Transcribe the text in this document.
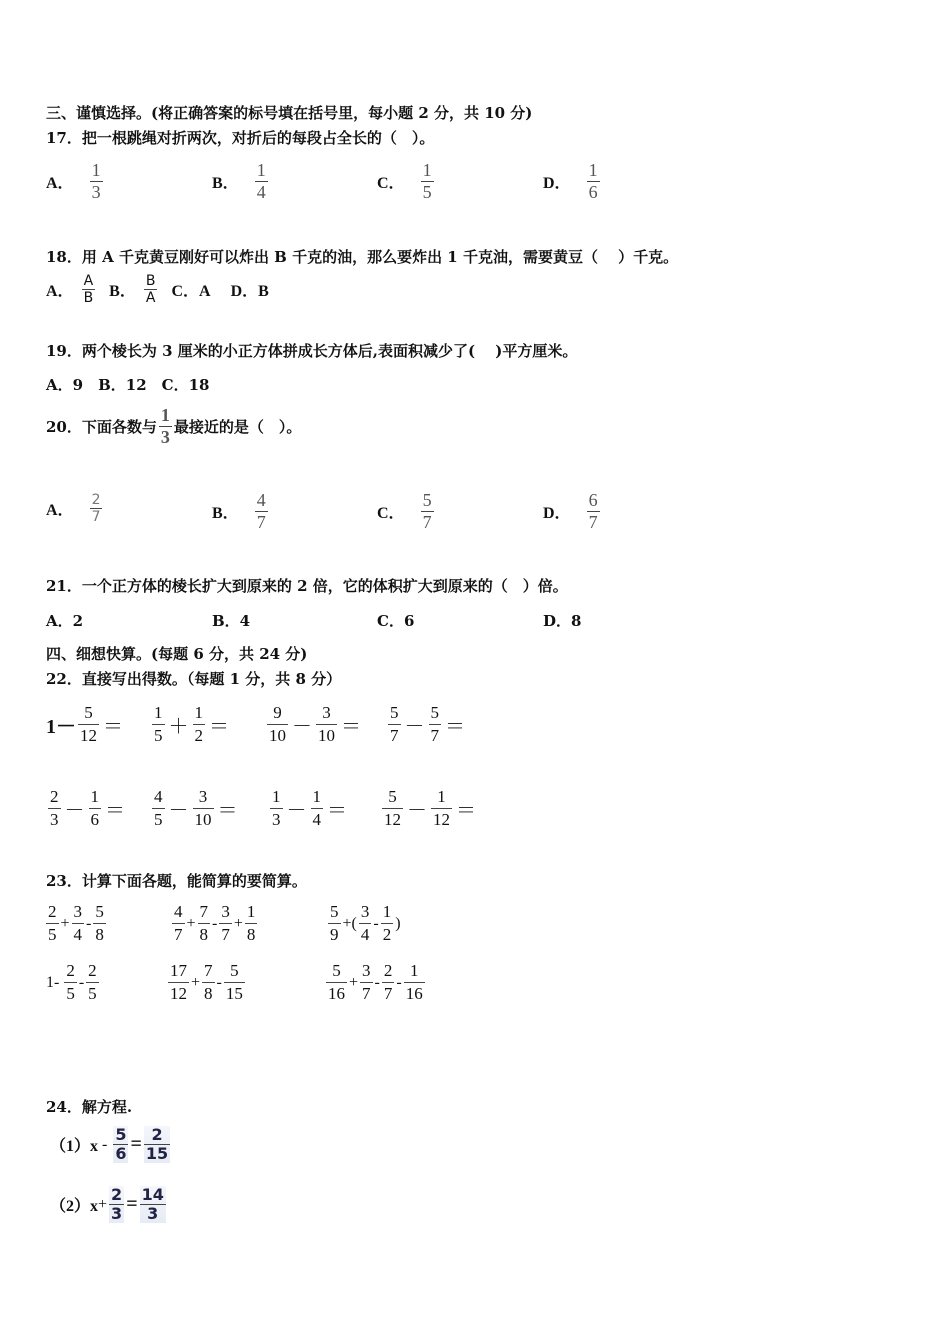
三、谨慎选择。(将正确答案的标号填在括号里，每小题 2 分，共 10 分)
17．把一根跳绳对折两次，对折后的每段占全长的（　）。
A． $\frac{1}{3}$	B． $\frac{1}{4}$	C． $\frac{1}{5}$	D． $\frac{1}{6}$
18．用 A 千克黄豆刚好可以炸出 B 千克的油，那么要炸出 1 千克油，需要黄豆（　 ）千克。
A． $\frac{A}{B}$ B． $\frac{B}{A}$ C．A D．B
19．两个棱长为 3 厘米的小正方体拼成长方体后,表面积减少了(　 )平方厘米。
A．9　B．12　C．18
20．下面各数与 $\frac{1}{3}$ 最接近的是（　）。
A． $\frac{2}{7}$	B． $\frac{4}{7}$	C． $\frac{5}{7}$	D． $\frac{6}{7}$
21．一个正方体的棱长扩大到原来的 2 倍，它的体积扩大到原来的（　）倍。
A．2	B．4	C．6	D．8
四、细想快算。(每题 6 分，共 24 分)
22．直接写出得数。（每题 1 分，共 8 分）
$1- \frac{5}{12} = \frac{1}{5} + \frac{1}{2} = \frac{9}{10} - \frac{3}{10} = \frac{5}{7} - \frac{5}{7}$ ＝
$\frac{2}{3} - \frac{1}{6} = \frac{4}{5} - \frac{3}{10} = \frac{1}{3} - \frac{1}{4} = \frac{5}{12} - \frac{1}{12}$ ＝
23．计算下面各题，能简算的要简算。
$\frac{2}{5} + \frac{3}{4} - \frac{5}{8}$	$\frac{4}{7} + \frac{7}{8} - \frac{3}{7} + \frac{1}{8}$	$\frac{5}{9}$ + ( $\frac{3}{4} - \frac{1}{2}$ )
$1 - \frac{2}{5} - \frac{2}{5}$	$\frac{17}{12} + \frac{7}{8} - \frac{5}{15}$	$\frac{5}{16} + \frac{3}{7} - \frac{2}{7} - \frac{1}{16}$
24．解方程.
$(1)x - \frac{5}{6} = \frac{2}{15}$
$(2)x + \frac{2}{3} = \frac{14}{3}$
